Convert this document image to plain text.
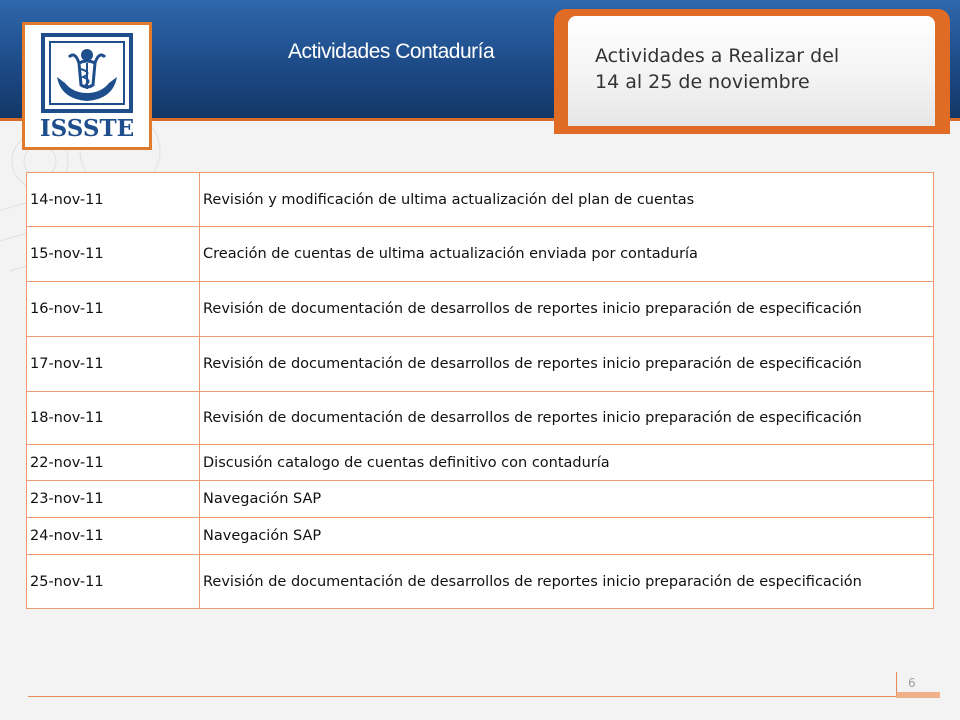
ISSSTE
Actividades Contaduría	Actividades a Realizar del
14 al 25 de noviembre
14-nov-11	Revisión y modificación de ultima actualización del plan de cuentas
15-nov-11	Creación de cuentas de ultima actualización enviada por contaduría
16-nov-11	Revisión de documentación de desarrollos de reportes inicio preparación de especificación
17-nov-11	Revisión de documentación de desarrollos de reportes inicio preparación de especificación
18-nov-11	Revisión de documentación de desarrollos de reportes inicio preparación de especificación
22-nov-11	Discusión catalogo de cuentas definitivo con contaduría
23-nov-11	Navegación SAP
24-nov-11	Navegación SAP
25-nov-11	Revisión de documentación de desarrollos de reportes inicio preparación de especificación
6
